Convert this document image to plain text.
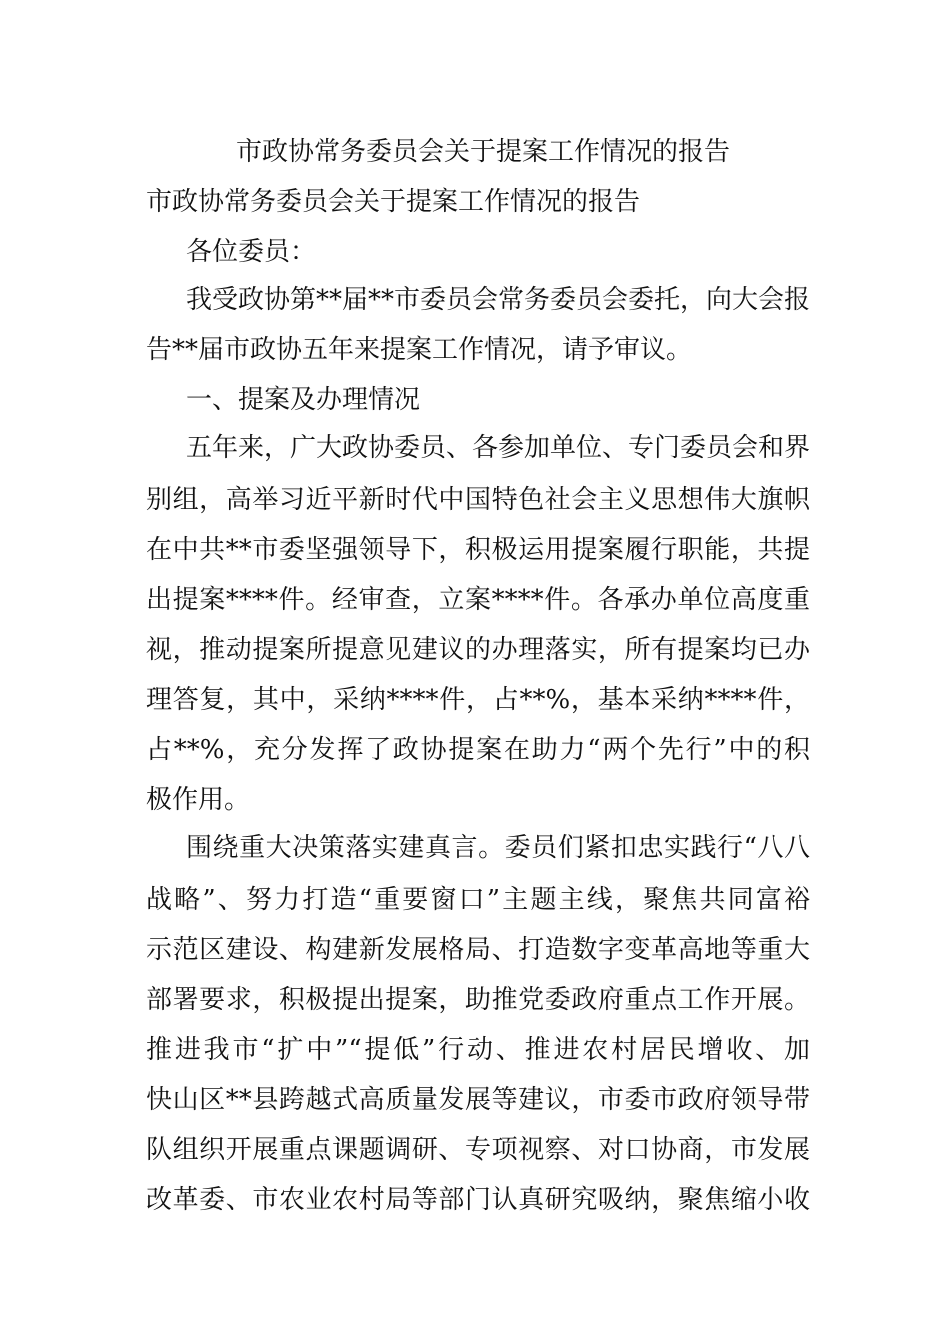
市政协常务委员会关于提案工作情况的报告
市政协常务委员会关于提案工作情况的报告
各位委员：
我受政协第**届**市委员会常务委员会委托，向大会报
告**届市政协五年来提案工作情况，请予审议。
一、提案及办理情况
五年来，广大政协委员、各参加单位、专门委员会和界
别组，高举习近平新时代中国特色社会主义思想伟大旗帜
在中共**市委坚强领导下，积极运用提案履行职能，共提
出提案****件。经审查，立案****件。各承办单位高度重
视，推动提案所提意见建议的办理落实，所有提案均已办
理答复，其中，采纳****件，占**%，基本采纳****件，
占**%，充分发挥了政协提案在助力“两个先行”中的积
极作用。
围绕重大决策落实建真言。委员们紧扣忠实践行“八八
战略”、努力打造“重要窗口”主题主线，聚焦共同富裕
示范区建设、构建新发展格局、打造数字变革高地等重大
部署要求，积极提出提案，助推党委政府重点工作开展。
推进我市“扩中”“提低”行动、推进农村居民增收、加
快山区**县跨越式高质量发展等建议，市委市政府领导带
队组织开展重点课题调研、专项视察、对口协商，市发展
改革委、市农业农村局等部门认真研究吸纳，聚焦缩小收
